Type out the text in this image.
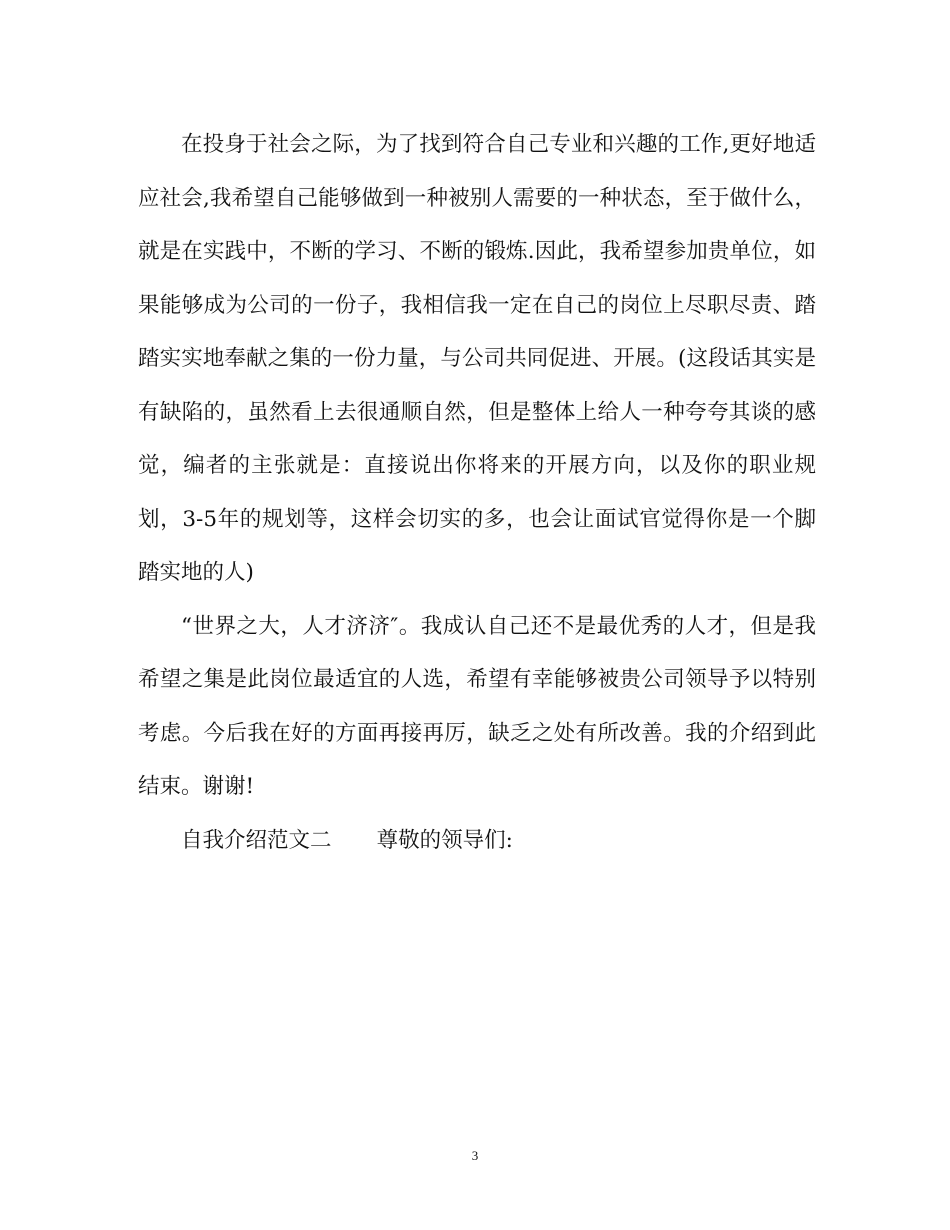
在投身于社会之际，为了找到符合自己专业和兴趣的工作,更好地适应社会,我希望自己能够做到一种被别人需要的一种状态，至于做什么，就是在实践中，不断的学习、不断的锻炼.因此，我希望参加贵单位，如果能够成为公司的一份子，我相信我一定在自己的岗位上尽职尽责、踏踏实实地奉献之集的一份力量，与公司共同促进、开展。(这段话其实是有缺陷的，虽然看上去很通顺自然，但是整体上给人一种夸夸其谈的感觉，编者的主张就是：直接说出你将来的开展方向，以及你的职业规划，3-5年的规划等，这样会切实的多，也会让面试官觉得你是一个脚踏实地的人)

“世界之大，人才济济″。我成认自己还不是最优秀的人才，但是我希望之集是此岗位最适宜的人选，希望有幸能够被贵公司领导予以特别考虑。今后我在好的方面再接再厉，缺乏之处有所改善。我的介绍到此结束。谢谢!

自我介绍范文二 尊敬的领导们:

3
